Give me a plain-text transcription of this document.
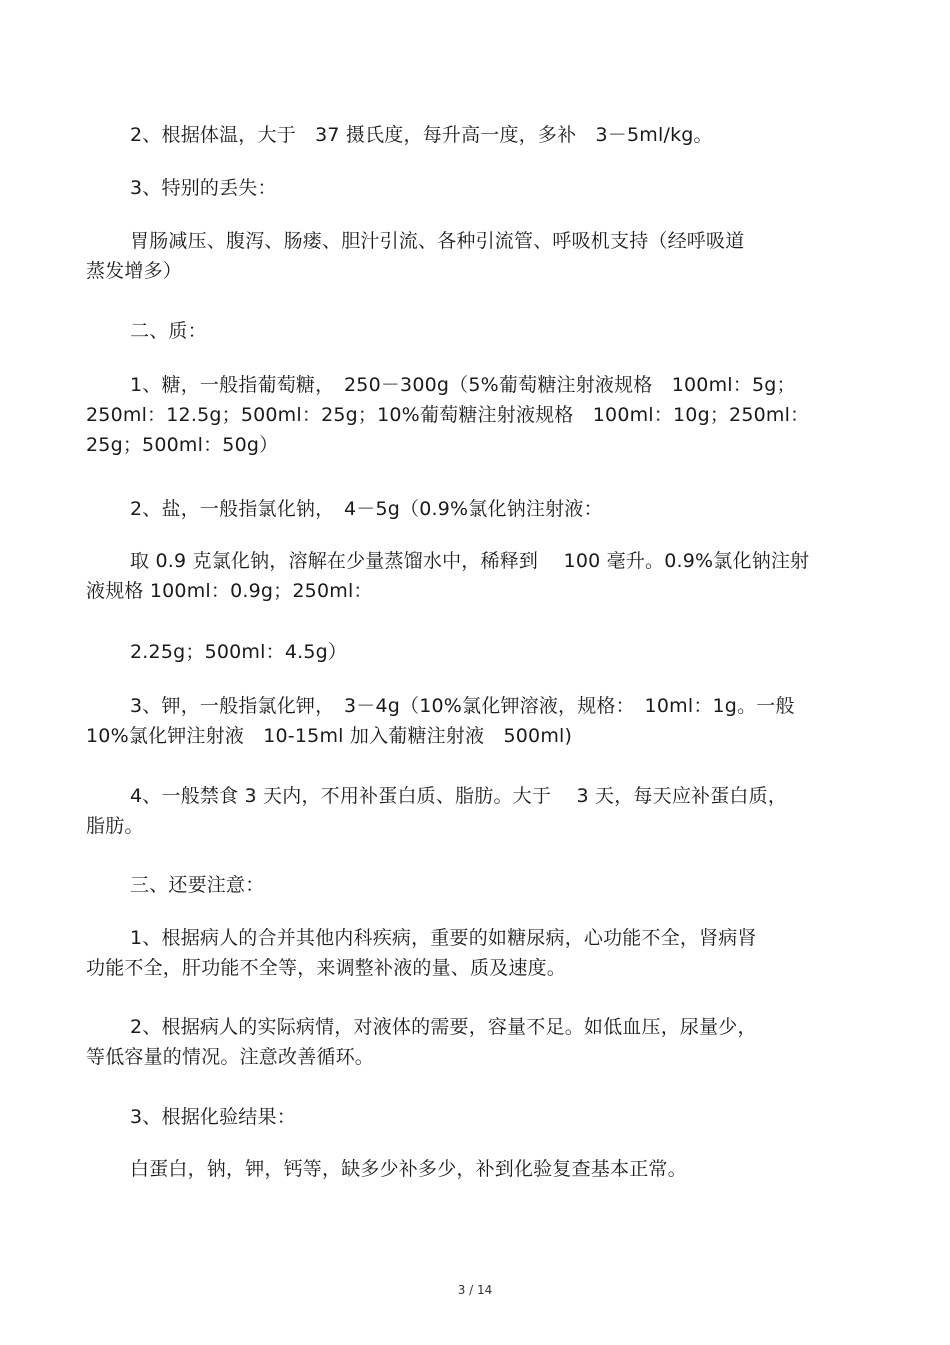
2、根据体温，大于　37 摄氏度，每升高一度，多补　3－5ml/kg。
3、特别的丢失：
胃肠减压、腹泻、肠瘘、胆汁引流、各种引流管、呼吸机支持（经呼吸道
蒸发增多）
二、质：
1、糖，一般指葡萄糖，　250－300g（5%葡萄糖注射液规格　100ml：5g；
250ml：12.5g；500ml：25g；10%葡萄糖注射液规格　100ml：10g；250ml：
25g；500ml：50g）
2、盐，一般指氯化钠，　4－5g（0.9%氯化钠注射液：
取 0.9 克氯化钠，溶解在少量蒸馏水中，稀释到　 100 毫升。0.9%氯化钠注射
液规格 100ml：0.9g；250ml：
2.25g；500ml：4.5g）
3、钾，一般指氯化钾，　3－4g（10%氯化钾溶液，规格：　10ml：1g。一般
10%氯化钾注射液　10-15ml 加入葡糖注射液　500ml)
4、一般禁食 3 天内，不用补蛋白质、脂肪。大于　 3 天，每天应补蛋白质，
脂肪。
三、还要注意：
1、根据病人的合并其他内科疾病，重要的如糖尿病，心功能不全，肾病肾
功能不全，肝功能不全等，来调整补液的量、质及速度。
2、根据病人的实际病情，对液体的需要，容量不足。如低血压，尿量少，
等低容量的情况。注意改善循环。
3、根据化验结果：
白蛋白，钠，钾，钙等，缺多少补多少，补到化验复查基本正常。
3 / 14
